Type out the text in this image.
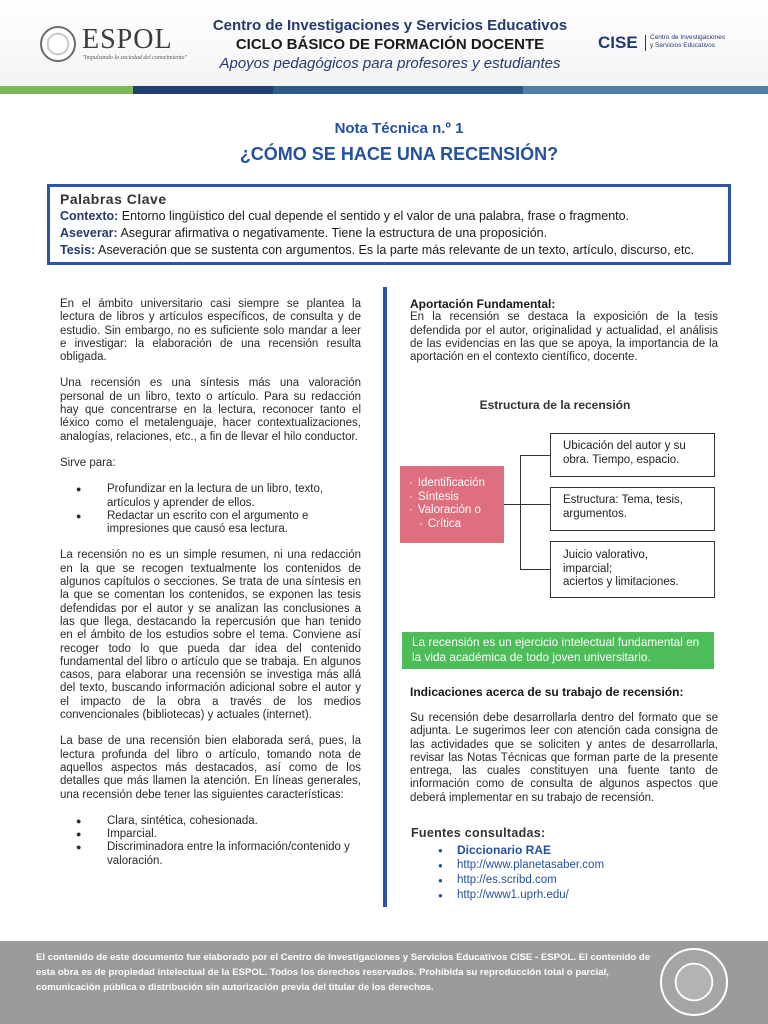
ESPOL
"Impulsando la sociedad del conocimiento"
Centro de Investigaciones y Servicios Educativos
CICLO BÁSICO DE FORMACIÓN DOCENTE
Apoyos pedagógicos para profesores y estudiantes
CISE Centro de Investigaciones
y Servicios Educativos
Nota Técnica n.º 1
¿CÓMO SE HACE UNA RECENSIÓN?
Palabras Clave
Contexto: Entorno lingüístico del cual depende el sentido y el valor de una palabra, frase o fragmento.
Aseverar: Asegurar afirmativa o negativamente. Tiene la estructura de una proposición.
Tesis: Aseveración que se sustenta con argumentos. Es la parte más relevante de un texto, artículo, discurso, etc.

En el ámbito universitario casi siempre se plantea la lectura de libros y artículos específicos, de consulta y de estudio. Sin embargo, no es suficiente solo mandar a leer e investigar: la elaboración de una recensión resulta obligada.

Una recensión es una síntesis más una valoración personal de un libro, texto o artículo. Para su redacción hay que concentrarse en la lectura, reconocer tanto el léxico como el metalenguaje, hacer contextualizaciones, analogías, relaciones, etc., a fin de llevar el hilo conductor.

Sirve para:

● Profundizar en la lectura de un libro, texto, artículos y aprender de ellos.
● Redactar un escrito con el argumento e impresiones que causó esa lectura.

La recensión no es un simple resumen, ni una redacción en la que se recogen textualmente los contenidos de algunos capítulos o secciones. Se trata de una síntesis en la que se comentan los contenidos, se exponen las tesis defendidas por el autor y se analizan las conclusiones a las que llega, destacando la repercusión que han tenido en el ámbito de los estudios sobre el tema. Conviene así recoger todo lo que pueda dar idea del contenido fundamental del libro o artículo que se trabaja. En algunos casos, para elaborar una recensión se investiga más allá del texto, buscando información adicional sobre el autor y el impacto de la obra a través de los medios convencionales (bibliotecas) y actuales (internet).

La base de una recensión bien elaborada será, pues, la lectura profunda del libro o artículo, tomando nota de aquellos aspectos más destacados, así como de los detalles que más llamen la atención. En líneas generales, una recensión debe tener las siguientes características:

● Clara, sintética, cohesionada.
● Imparcial.
● Discriminadora entre la información/contenido y valoración.
Aportación Fundamental:

En la recensión se destaca la exposición de la tesis defendida por el autor, originalidad y actualidad, el análisis de las evidencias en las que se apoya, la importancia de la aportación en el contexto científico, docente.

Estructura de la recensión
· Identificación
· Síntesis
· Valoración o
· Crítica
Ubicación del autor y su obra. Tiempo, espacio.
Estructura: Tema, tesis, argumentos.
Juicio valorativo,
imparcial;
aciertos y limitaciones.
La recensión es un ejercicio intelectual fundamental en la vida académica de todo joven universitario.
Indicaciones acerca de su trabajo de recensión:
Su recensión debe desarrollarla dentro del formato que se adjunta. Le sugerimos leer con atención cada consigna de las actividades que se soliciten y antes de desarrollarla, revisar las Notas Técnicas que forman parte de la presente entrega, las cuales constituyen una fuente tanto de información como de consulta de algunos aspectos que deberá implementar en su trabajo de recensión.
Fuentes consultadas:
● Diccionario RAE
● http://www.planetasaber.com
● http://es.scribd.com
● http://www1.uprh.edu/
El contenido de este documento fue elaborado por el Centro de Investigaciones y Servicios Educativos CISE - ESPOL. El contenido de esta obra es de propiedad intelectual de la ESPOL. Todos los derechos reservados. Prohibida su reproducción total o parcial, comunicación pública o distribución sin autorización previa del titular de los derechos.
